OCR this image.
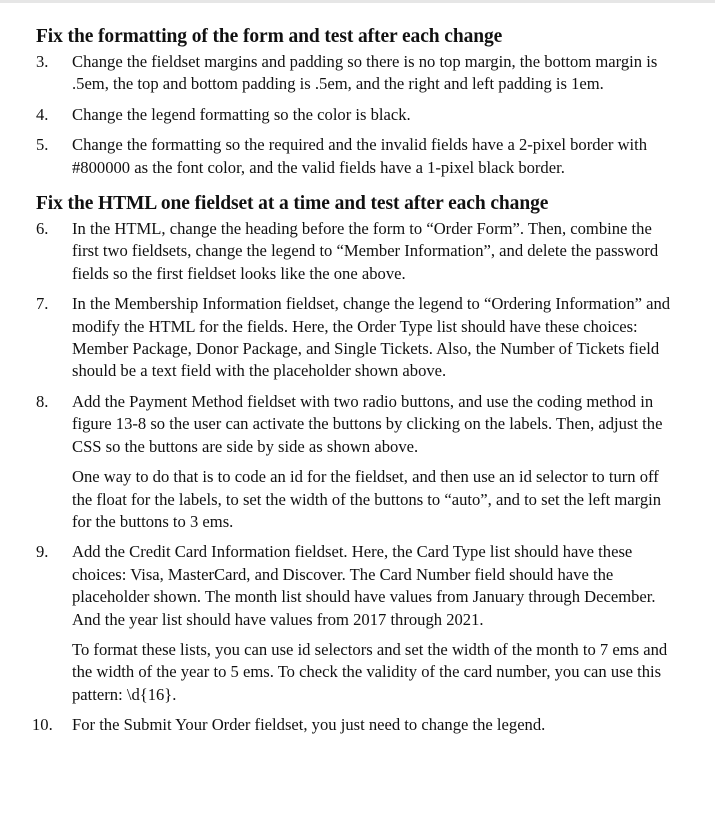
Fix the formatting of the form and test after each change
3.	Change the fieldset margins and padding so there is no top margin, the bottom margin is .5em, the top and bottom padding is .5em, and the right and left padding is 1em.

4.	Change the legend formatting so the color is black.

5.	Change the formatting so the required and the invalid fields have a 2-pixel border with #800000 as the font color, and the valid fields have a 1-pixel black border.

Fix the HTML one fieldset at a time and test after each change
6.	In the HTML, change the heading before the form to “Order Form”. Then, combine the first two fieldsets, change the legend to “Member Information”, and delete the password fields so the first fieldset looks like the one above.

7.	In the Membership Information fieldset, change the legend to “Ordering Information” and modify the HTML for the fields. Here, the Order Type list should have these choices: Member Package, Donor Package, and Single Tickets. Also, the Number of Tickets field should be a text field with the placeholder shown above.

8.	Add the Payment Method fieldset with two radio buttons, and use the coding method in figure 13-8 so the user can activate the buttons by clicking on the labels. Then, adjust the CSS so the buttons are side by side as shown above.

One way to do that is to code an id for the fieldset, and then use an id selector to turn off the float for the labels, to set the width of the buttons to “auto”, and to set the left margin for the buttons to 3 ems.

9.	Add the Credit Card Information fieldset. Here, the Card Type list should have these choices: Visa, MasterCard, and Discover. The Card Number field should have the placeholder shown. The month list should have values from January through December. And the year list should have values from 2017 through 2021.

To format these lists, you can use id selectors and set the width of the month to 7 ems and the width of the year to 5 ems. To check the validity of the card number, you can use this pattern: \d{16}.

10.	For the Submit Your Order fieldset, you just need to change the legend.
